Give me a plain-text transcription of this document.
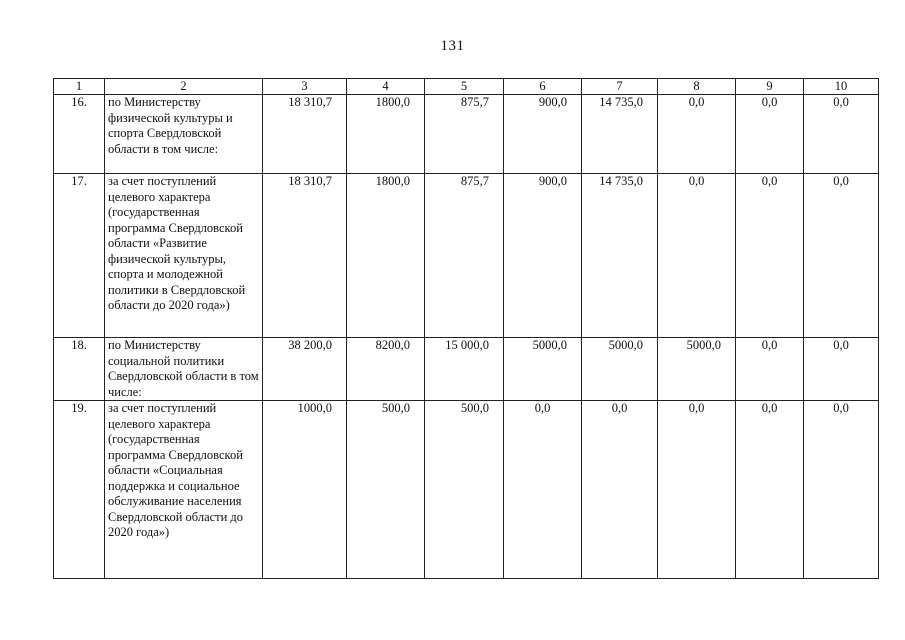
131
1	2	3	4	5	6	7	8	9	10
16.	по Министерству физической культуры и спорта Свердловской области в том числе:	18 310,7	1800,0	875,7	900,0	14 735,0	0,0	0,0	0,0
17.	за счет поступлений целевого характера (государственная программа Свердловской области «Развитие физической культуры, спорта и молодежной политики в Свердловской области до 2020 года»)	18 310,7	1800,0	875,7	900,0	14 735,0	0,0	0,0	0,0
18.	по Министерству социальной политики Свердловской области в том числе:	38 200,0	8200,0	15 000,0	5000,0	5000,0	5000,0	0,0	0,0
19.	за счет поступлений целевого характера (государственная программа Свердловской области «Социальная поддержка и социальное обслуживание населения Свердловской области до 2020 года»)	1000,0	500,0	500,0	0,0	0,0	0,0	0,0	0,0
